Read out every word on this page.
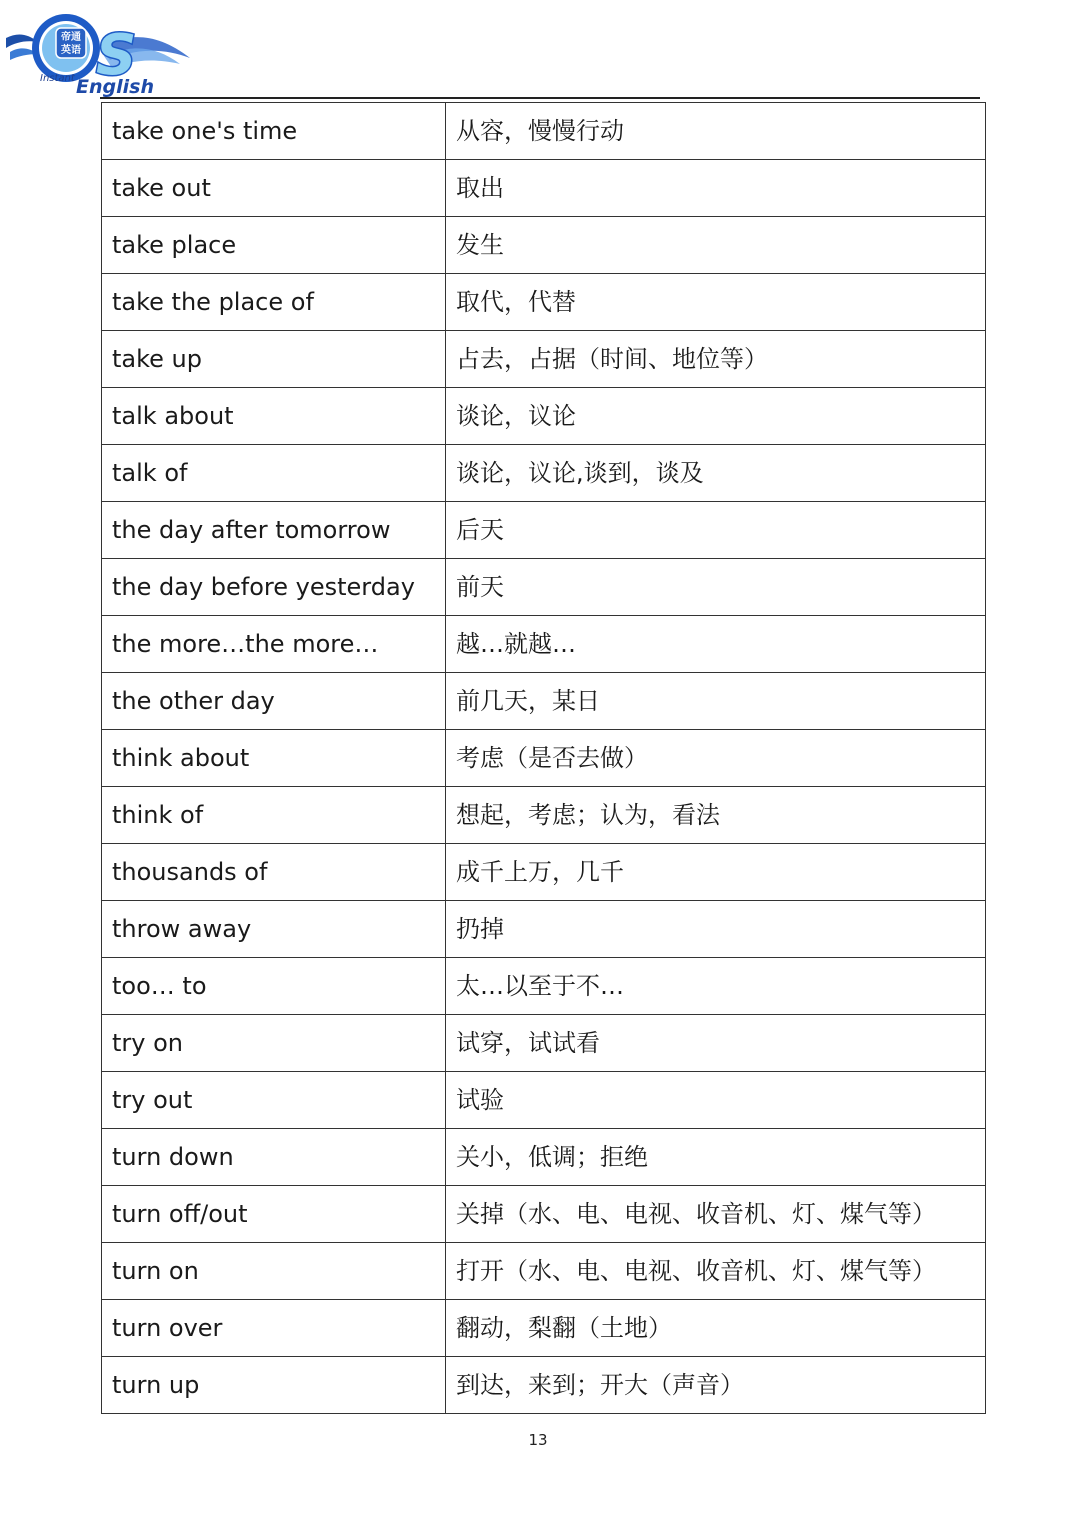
帝通
英语 S
Instant English
take one's time	从容，慢慢行动
take out	取出
take place	发生
take the place of	取代，代替
take up	占去，占据（时间、地位等）
talk about	谈论，议论
talk of	谈论，议论,谈到，谈及
the day after tomorrow	后天
the day before yesterday	前天
the more…the more…	越…就越…
the other day	前几天，某日
think about	考虑（是否去做）
think of	想起，考虑；认为，看法
thousands of	成千上万，几千
throw away	扔掉
too… to	太…以至于不…
try on	试穿，试试看
try out	试验
turn down	关小，低调；拒绝
turn off/out	关掉（水、电、电视、收音机、灯、煤气等）
turn on	打开（水、电、电视、收音机、灯、煤气等）
turn over	翻动，梨翻（土地）
turn up	到达，来到；开大（声音）
13
